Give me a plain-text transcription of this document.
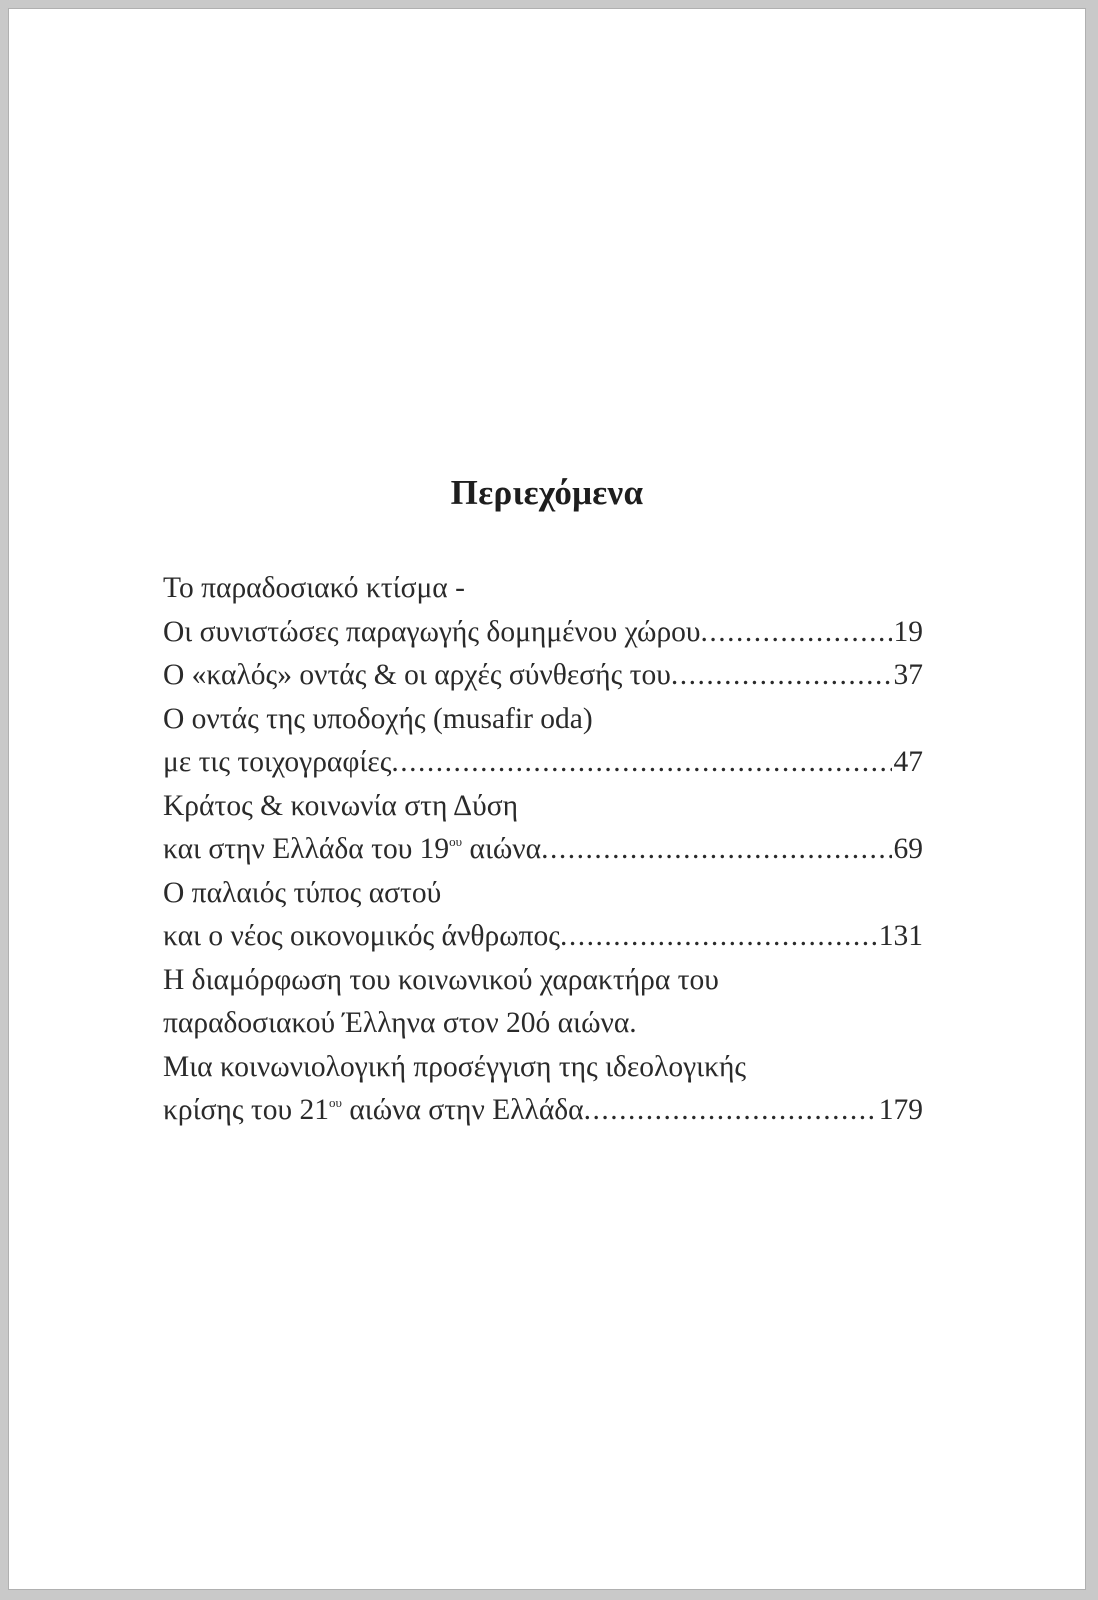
Περιεχόμενα
Το παραδοσιακό κτίσμα -
Οι συνιστώσες παραγωγής δομημένου χώρου .....	19
Ο «καλός» οντάς & οι αρχές σύνθεσής του .....	37
Ο οντάς της υποδοχής (musafir oda)
με τις τοιχογραφίες .....	47
Κράτος & κοινωνία στη Δύση
και στην Ελλάδα του $19^{o\upsilon}$ αιώνα .....	69
Ο παλαιός τύπος αστού
και ο νέος οικονομικός άνθρωπος .....	131
Η διαμόρφωση του κοινωνικού χαρακτήρα του
παραδοσιακού Έλληνα στον 20ό αιώνα.
Μια κοινωνιολογική προσέγγιση της ιδεολογικής
κρίσης του $21^{o\upsilon}$ αιώνα στην Ελλάδα .....	179
